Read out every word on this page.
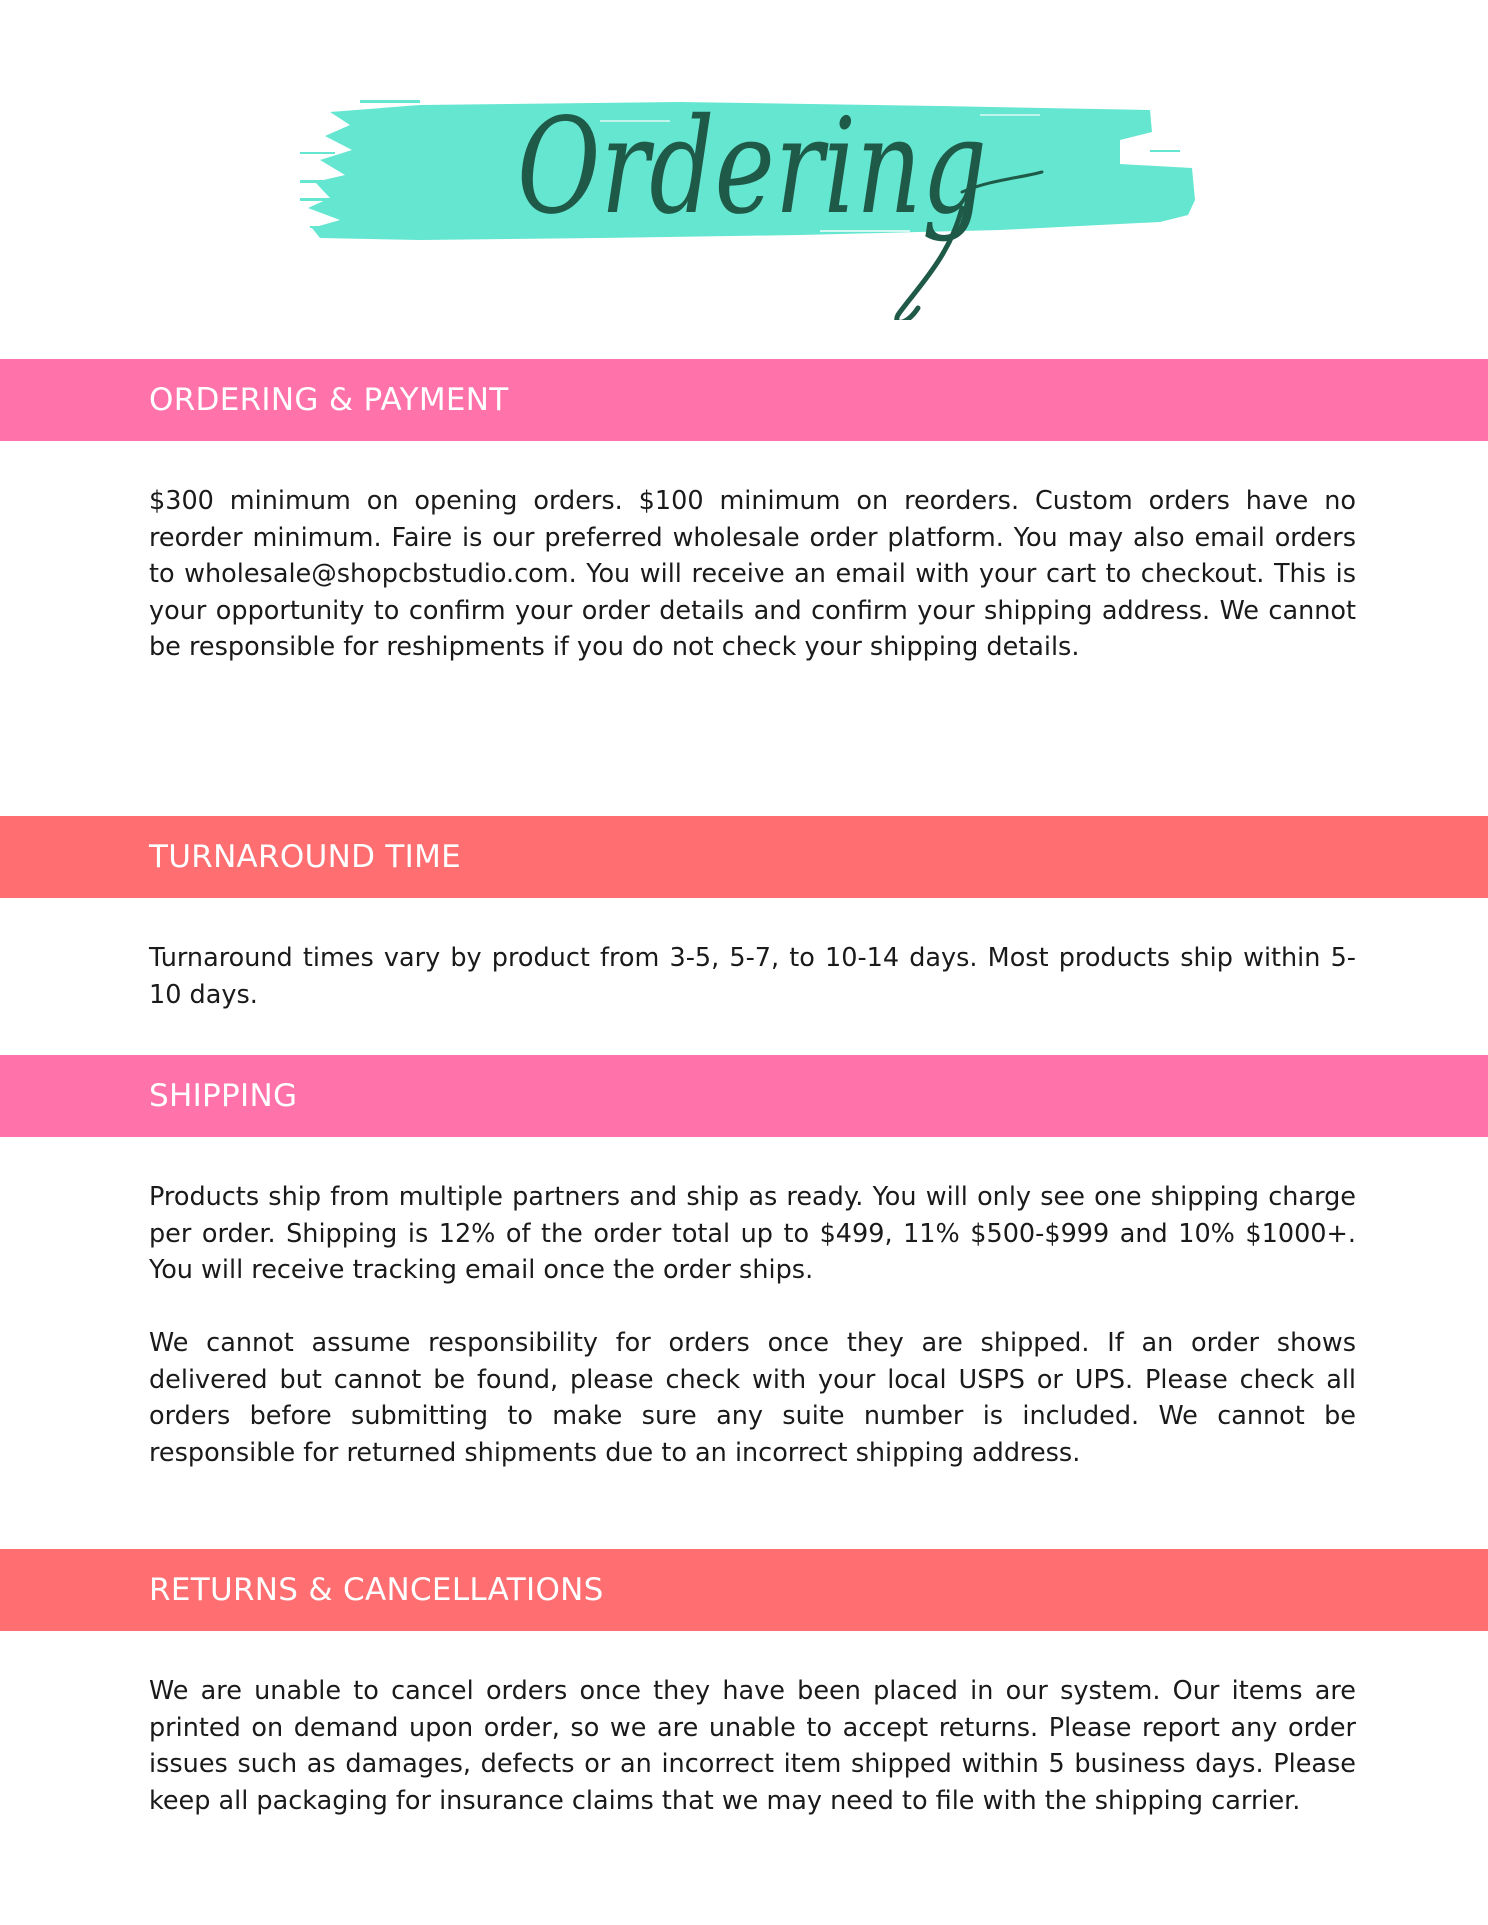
Ordering
ORDERING & PAYMENT

$300 minimum on opening orders. $100 minimum on reorders. Custom orders have no reorder minimum. Faire is our preferred wholesale order platform. You may also email orders to wholesale@shopcbstudio.com. You will receive an email with your cart to checkout. This is your opportunity to confirm your order details and confirm your shipping address. We cannot be responsible for reshipments if you do not check your shipping details.

TURNAROUND TIME

Turnaround times vary by product from 3-5, 5-7, to 10-14 days. Most products ship within 5-10 days.

SHIPPING

Products ship from multiple partners and ship as ready. You will only see one shipping charge per order. Shipping is 12% of the order total up to $499, 11% $500-$999 and 10% $1000+. You will receive tracking email once the order ships.

We cannot assume responsibility for orders once they are shipped. If an order shows delivered but cannot be found, please check with your local USPS or UPS. Please check all orders before submitting to make sure any suite number is included. We cannot be responsible for returned shipments due to an incorrect shipping address.

RETURNS & CANCELLATIONS

We are unable to cancel orders once they have been placed in our system. Our items are printed on demand upon order, so we are unable to accept returns. Please report any order issues such as damages, defects or an incorrect item shipped within 5 business days. Please keep all packaging for insurance claims that we may need to file with the shipping carrier.
